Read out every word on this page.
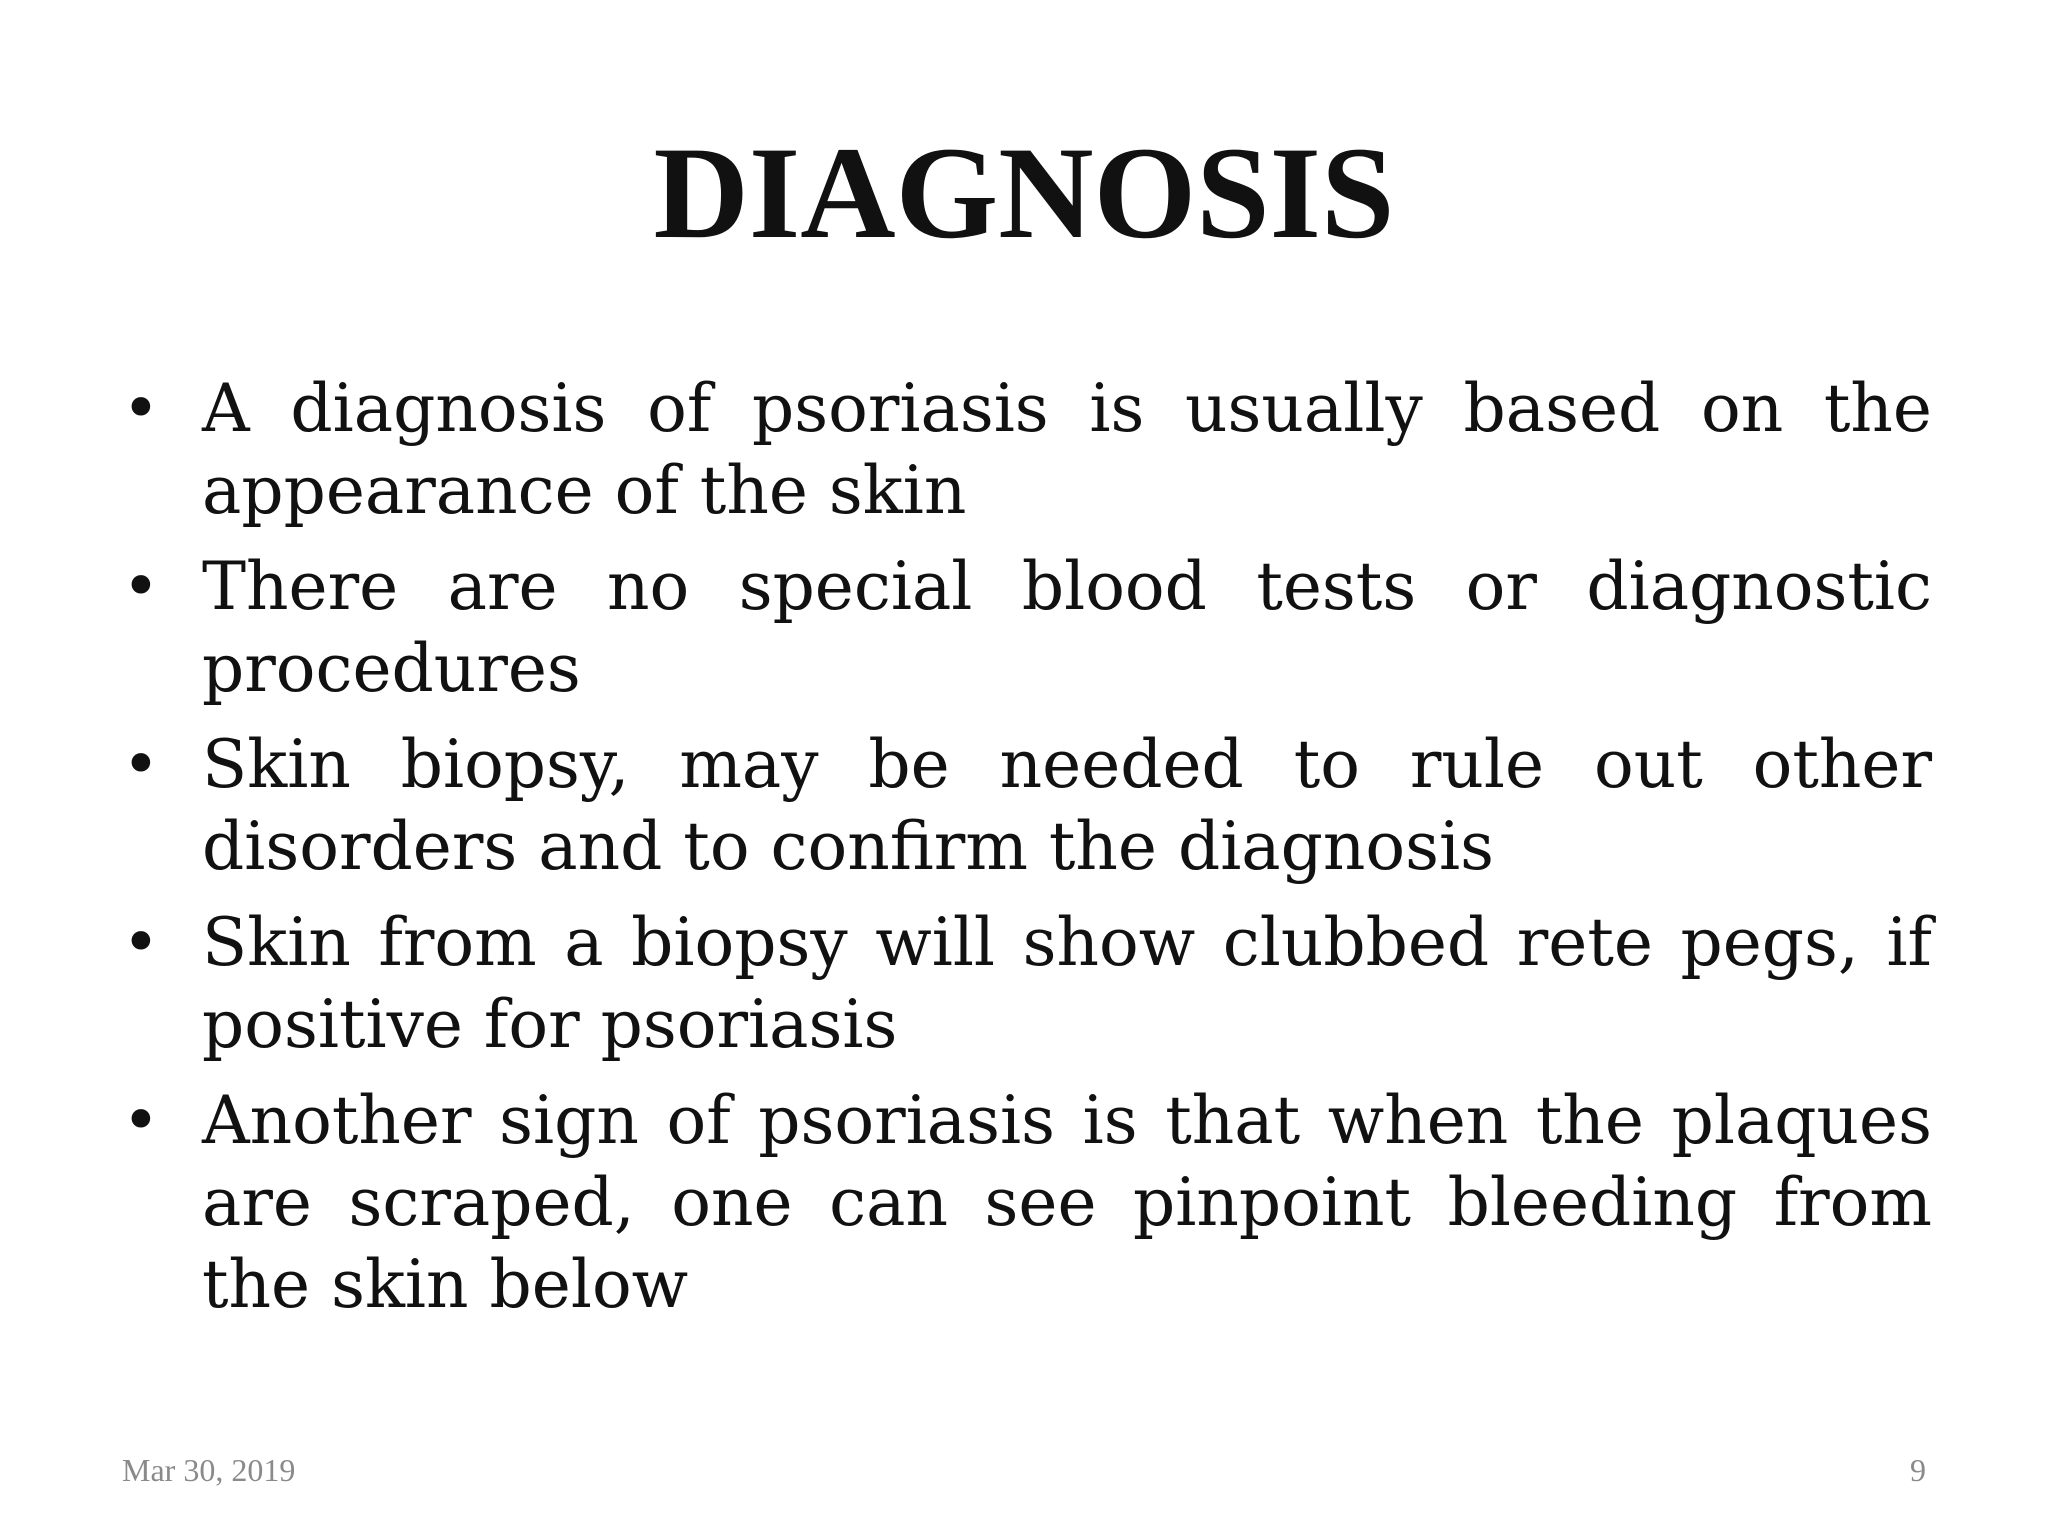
DIAGNOSIS
• A diagnosis of psoriasis is usually based on the appearance of the skin
• There are no special blood tests or diagnostic procedures
• Skin biopsy, may be needed to rule out other disorders and to confirm the diagnosis
• Skin from a biopsy will show clubbed rete pegs, if positive for psoriasis
• Another sign of psoriasis is that when the plaques are scraped, one can see pinpoint bleeding from the skin below
Mar 30, 2019	9
